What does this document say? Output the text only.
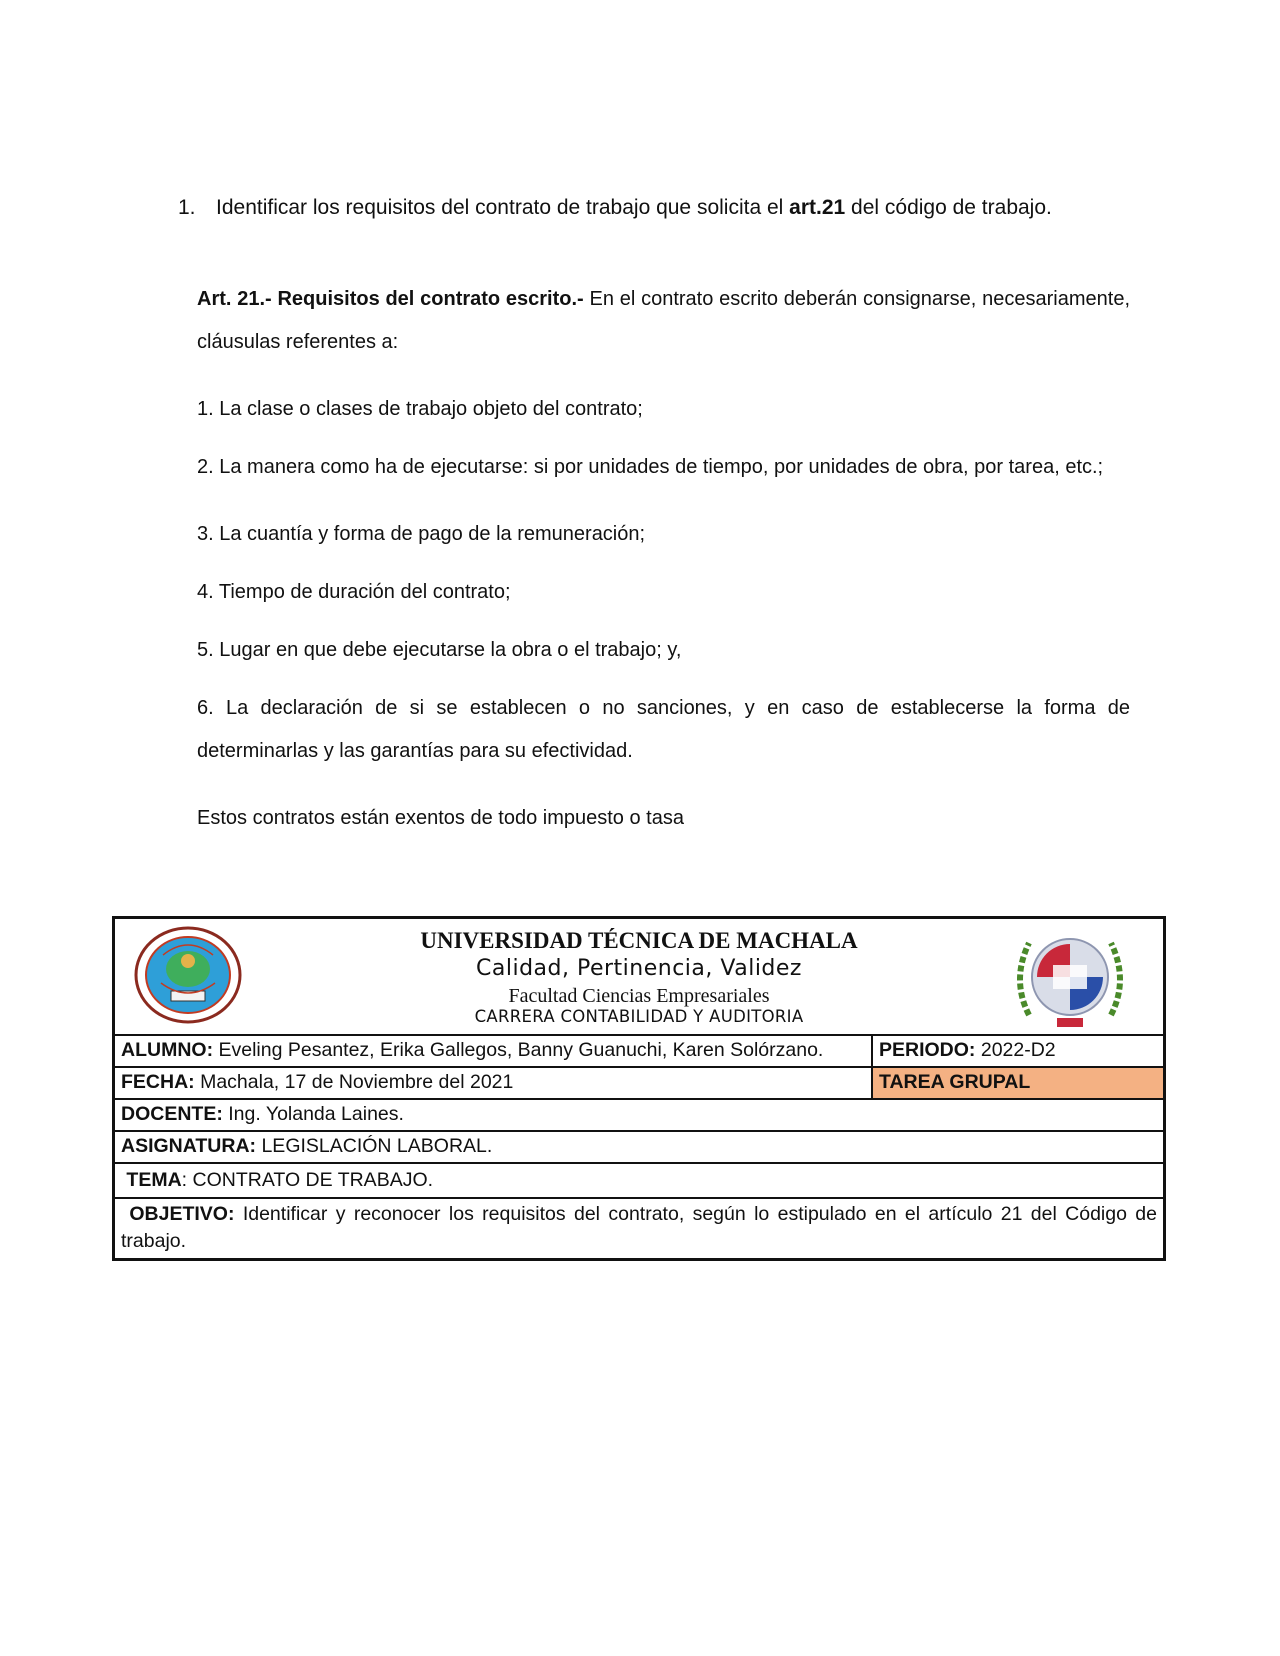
1. Identificar los requisitos del contrato de trabajo que solicita el art.21 del código de trabajo.

Art. 21.- Requisitos del contrato escrito.- En el contrato escrito deberán consignarse, necesariamente, cláusulas referentes a:

1. La clase o clases de trabajo objeto del contrato;

2. La manera como ha de ejecutarse: si por unidades de tiempo, por unidades de obra, por tarea, etc.;

3. La cuantía y forma de pago de la remuneración;

4. Tiempo de duración del contrato;

5. Lugar en que debe ejecutarse la obra o el trabajo; y,

6. La declaración de si se establecen o no sanciones, y en caso de establecerse la forma de determinarlas y las garantías para su efectividad.

Estos contratos están exentos de todo impuesto o tasa

UNIVERSIDAD TÉCNICA DE MACHALA
Calidad, Pertinencia, Validez
Facultad Ciencias Empresariales
CARRERA CONTABILIDAD Y AUDITORIA
ALUMNO: Eveling Pesantez, Erika Gallegos, Banny Guanuchi, Karen Solórzano.	PERIODO: 2022-D2
FECHA: Machala, 17 de Noviembre del 2021	TAREA GRUPAL
DOCENTE: Ing. Yolanda Laines.
ASIGNATURA: LEGISLACIÓN LABORAL.
TEMA: CONTRATO DE TRABAJO.
OBJETIVO: Identificar y reconocer los requisitos del contrato, según lo estipulado en el artículo 21 del Código de trabajo.
